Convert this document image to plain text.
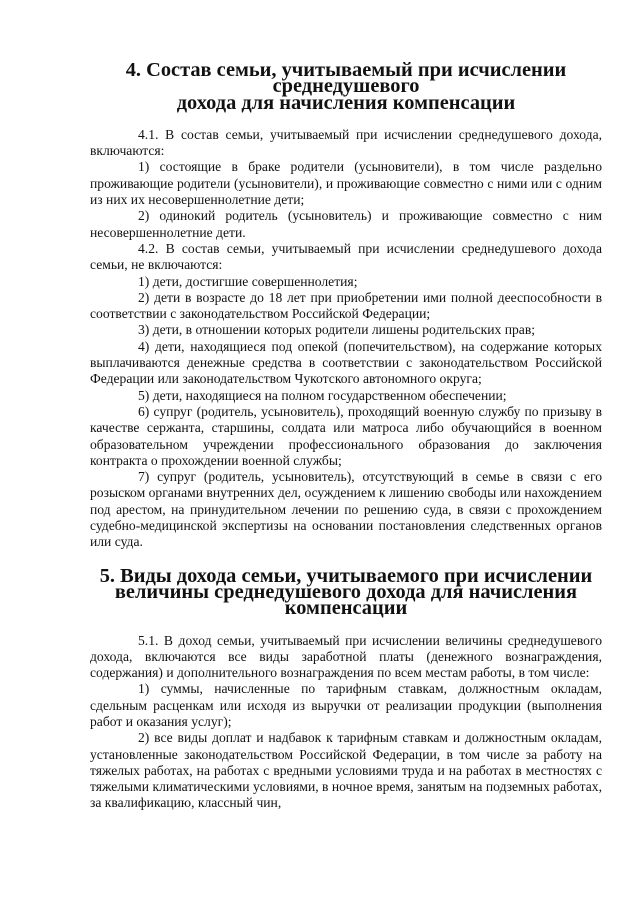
4. Состав семьи, учитываемый при исчислении среднедушевого
дохода для начисления компенсации

4.1. В состав семьи, учитываемый при исчислении среднедушевого дохода, включаются:

1) состоящие в браке родители (усыновители), в том числе раздельно проживающие родители (усыновители), и проживающие совместно с ними или с одним из них их несовершеннолетние дети;

2) одинокий родитель (усыновитель) и проживающие совместно с ним несовершеннолетние дети.

4.2. В состав семьи, учитываемый при исчислении среднедушевого дохода семьи, не включаются:

1) дети, достигшие совершеннолетия;

2) дети в возрасте до 18 лет при приобретении ими полной дееспособности в соответствии с законодательством Российской Федерации;

3) дети, в отношении которых родители лишены родительских прав;

4) дети, находящиеся под опекой (попечительством), на содержание которых выплачиваются денежные средства в соответствии с законодательством Российской Федерации или законодательством Чукотского автономного округа;

5) дети, находящиеся на полном государственном обеспечении;

6) супруг (родитель, усыновитель), проходящий военную службу по призыву в качестве сержанта, старшины, солдата или матроса либо обучающийся в военном образовательном учреждении профессионального образования до заключения контракта о прохождении военной службы;

7) супруг (родитель, усыновитель), отсутствующий в семье в связи с его розыском органами внутренних дел, осуждением к лишению свободы или нахождением под арестом, на принудительном лечении по решению суда, в связи с прохождением судебно-медицинской экспертизы на основании постановления следственных органов или суда.

5. Виды дохода семьи, учитываемого при исчислении
величины среднедушевого дохода для начисления компенсации

5.1. В доход семьи, учитываемый при исчислении величины среднедушевого дохода, включаются все виды заработной платы (денежного вознаграждения, содержания) и дополнительного вознаграждения по всем местам работы, в том числе:

1) суммы, начисленные по тарифным ставкам, должностным окладам, сдельным расценкам или исходя из выручки от реализации продукции (выполнения работ и оказания услуг);

2) все виды доплат и надбавок к тарифным ставкам и должностным окладам, установленные законодательством Российской Федерации, в том числе за работу на тяжелых работах, на работах с вредными условиями труда и на работах в местностях с тяжелыми климатическими условиями, в ночное время, занятым на подземных работах, за квалификацию, классный чин,
